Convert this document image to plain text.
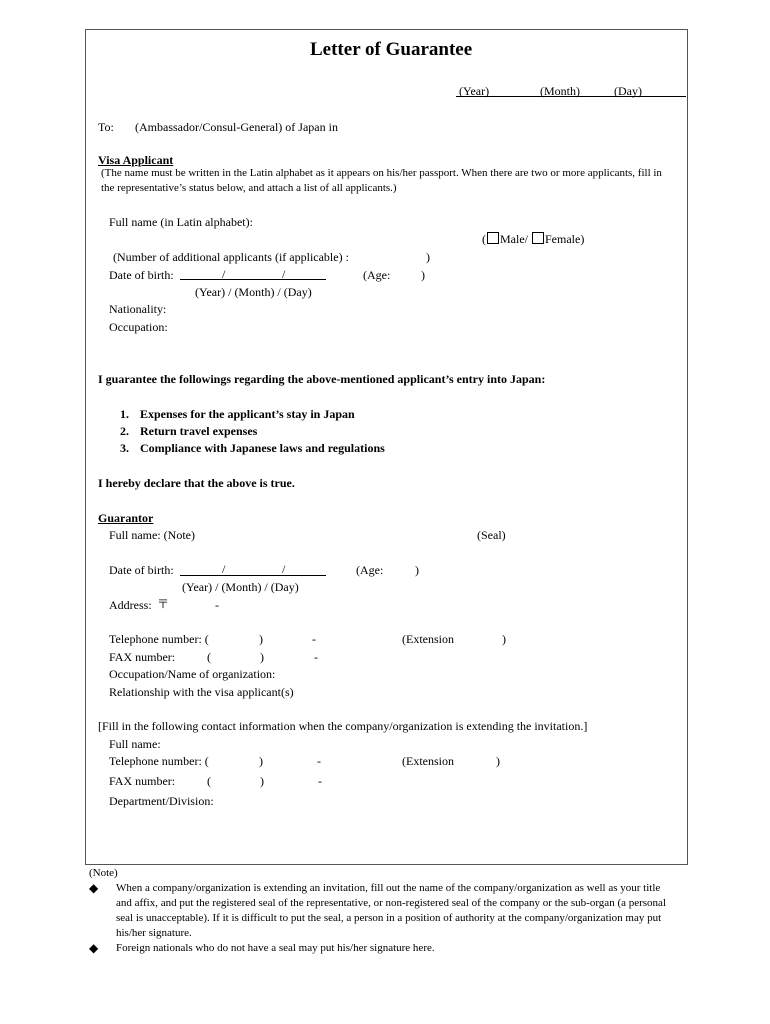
Letter of Guarantee
(Year)	(Month)	(Day)
To: (Ambassador/Consul-General) of Japan in
Visa Applicant
(The name must be written in the Latin alphabet as it appears on his/her passport. When there are two or more applicants, fill in
the representative’s status below, and attach a list of all applicants.)
Full name (in Latin alphabet):
( Male/ Female)
(Number of additional applicants (if applicable) :	)
Date of birth:	/	/	(Age:	)
(Year) / (Month) / (Day)
Nationality:
Occupation:
I guarantee the followings regarding the above-mentioned applicant’s entry into Japan:
1. Expenses for the applicant’s stay in Japan
2. Return travel expenses
3. Compliance with Japanese laws and regulations
I hereby declare that the above is true.
Guarantor
Full name: (Note)	(Seal)
Date of birth:	/	/	(Age:	)
(Year) / (Month) / (Day)
Address: 〒	-
Telephone number: (	)	-	(Extension	)
FAX number:	(	)	-
Occupation/Name of organization:
Relationship with the visa applicant(s)
[Fill in the following contact information when the company/organization is extending the invitation.]
Full name:
Telephone number: (	)	-	(Extension	)
FAX number:	(	)	-
Department/Division:
(Note)
◆ When a company/organization is extending an invitation, fill out the name of the company/organization as well as your title
and affix, and put the registered seal of the representative, or non-registered seal of the company or the sub-organ (a personal
seal is unacceptable). If it is difficult to put the seal, a person in a position of authority at the company/organization may put
his/her signature.
◆ Foreign nationals who do not have a seal may put his/her signature here.
